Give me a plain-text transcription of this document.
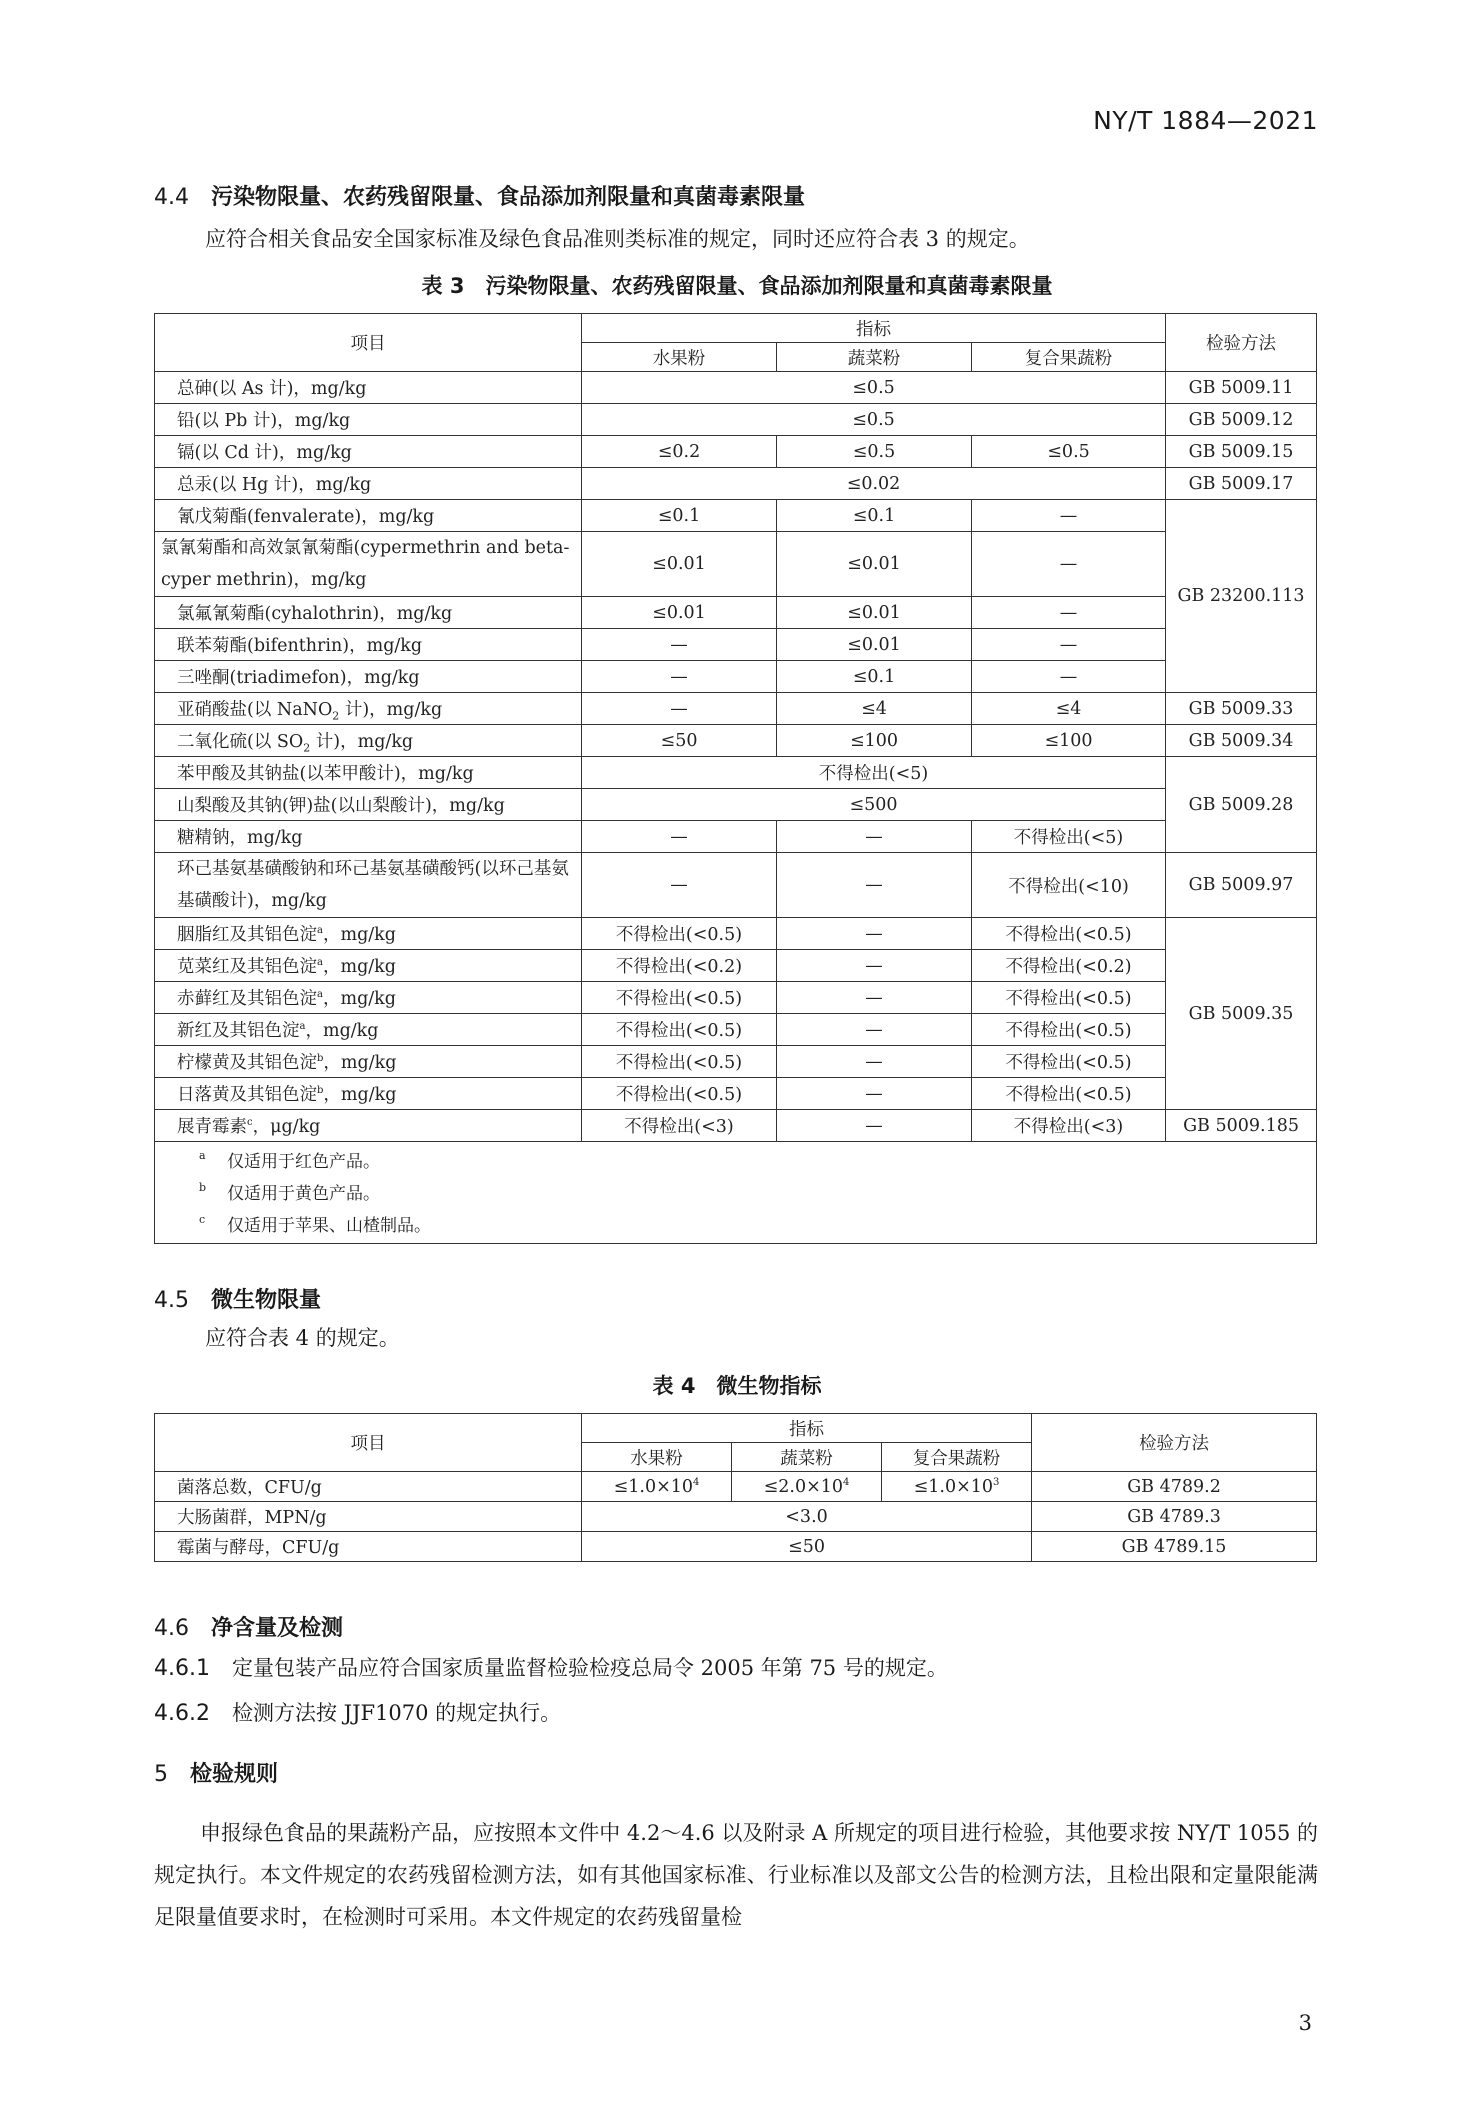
NY/T 1884—2021
4.4 污染物限量、农药残留限量、食品添加剂限量和真菌毒素限量
应符合相关食品安全国家标准及绿色食品准则类标准的规定，同时还应符合表 3 的规定。
表 3　污染物限量、农药残留限量、食品添加剂限量和真菌毒素限量
项目	指标			检验方法
	水果粉	蔬菜粉	复合果蔬粉	
总砷(以 As 计)，mg/kg	≤0.5			GB 5009.11
铅(以 Pb 计)，mg/kg	≤0.5			GB 5009.12
镉(以 Cd 计)，mg/kg	≤0.2	≤0.5	≤0.5	GB 5009.15
总汞(以 Hg 计)，mg/kg	≤0.02			GB 5009.17
氰戊菊酯(fenvalerate)，mg/kg	≤0.1	≤0.1	—	GB 23200.113
氯氰菊酯和高效氯氰菊酯(cypermethrin and beta-cyper methrin)，mg/kg	≤0.01	≤0.01	—	
氯氟氰菊酯(cyhalothrin)，mg/kg	≤0.01	≤0.01	—	
联苯菊酯(bifenthrin)，mg/kg	—	≤0.01	—	
三唑酮(triadimefon)，mg/kg	—	≤0.1	—	
亚硝酸盐(以 NaNO$_2$ 计)，mg/kg	—	≤4	≤4	GB 5009.33
二氧化硫(以 $SO_2$ 计)，mg/kg	≤50	≤100	≤100	GB 5009.34
苯甲酸及其钠盐(以苯甲酸计)，mg/kg	不得检出(<5)			GB 5009.28
山梨酸及其钠(钾)盐(以山梨酸计)，mg/kg	≤500			
糖精钠，mg/kg	—	—	不得检出(<5)	
环己基氨基磺酸钠和环己基氨基磺酸钙(以环己基氨基磺酸计)，mg/kg	—	—	不得检出(<10)	GB 5009.97
胭脂红及其铝色淀$^a$，mg/kg	不得检出(<0.5)	—	不得检出(<0.5)	GB 5009.35
苋菜红及其铝色淀$^a$，mg/kg	不得检出(<0.2)	—	不得检出(<0.2)	
赤藓红及其铝色淀$^a$，mg/kg	不得检出(<0.5)	—	不得检出(<0.5)	
新红及其铝色淀$^a$，mg/kg	不得检出(<0.5)	—	不得检出(<0.5)	
柠檬黄及其铝色淀$^b$，mg/kg	不得检出(<0.5)	—	不得检出(<0.5)	
日落黄及其铝色淀$^b$，mg/kg	不得检出(<0.5)	—	不得检出(<0.5)	
展青霉素$^c$，μg/kg	不得检出(<3)	—	不得检出(<3)	GB 5009.185

a 仅适用于红色产品。
b 仅适用于黄色产品。
c 仅适用于苹果、山楂制品。				
4.5 微生物限量
应符合表 4 的规定。
表 4　微生物指标
项目	指标			检验方法
	水果粉	蔬菜粉	复合果蔬粉	
菌落总数，CFU/g	$\le 1.0\times 10^4$	$\le 2.0\times 10^4$	$\le 1.0\times 10^3$	GB 4789.2
大肠菌群，MPN/g	<3.0			GB 4789.3
霉菌与酵母，CFU/g	≤50			GB 4789.15
4.6 净含量及检测
4.6.1 定量包装产品应符合国家质量监督检验检疫总局令 2005 年第 75 号的规定。
4.6.2 检测方法按 JJF1070 的规定执行。
5 检验规则
申报绿色食品的果蔬粉产品，应按照本文件中 4.2～4.6 以及附录 A 所规定的项目进行检验，其他要求按 NY/T 1055 的规定执行。本文件规定的农药残留检测方法，如有其他国家标准、行业标准以及部文公告的检测方法，且检出限和定量限能满足限量值要求时，在检测时可采用。本文件规定的农药残留量检
3
